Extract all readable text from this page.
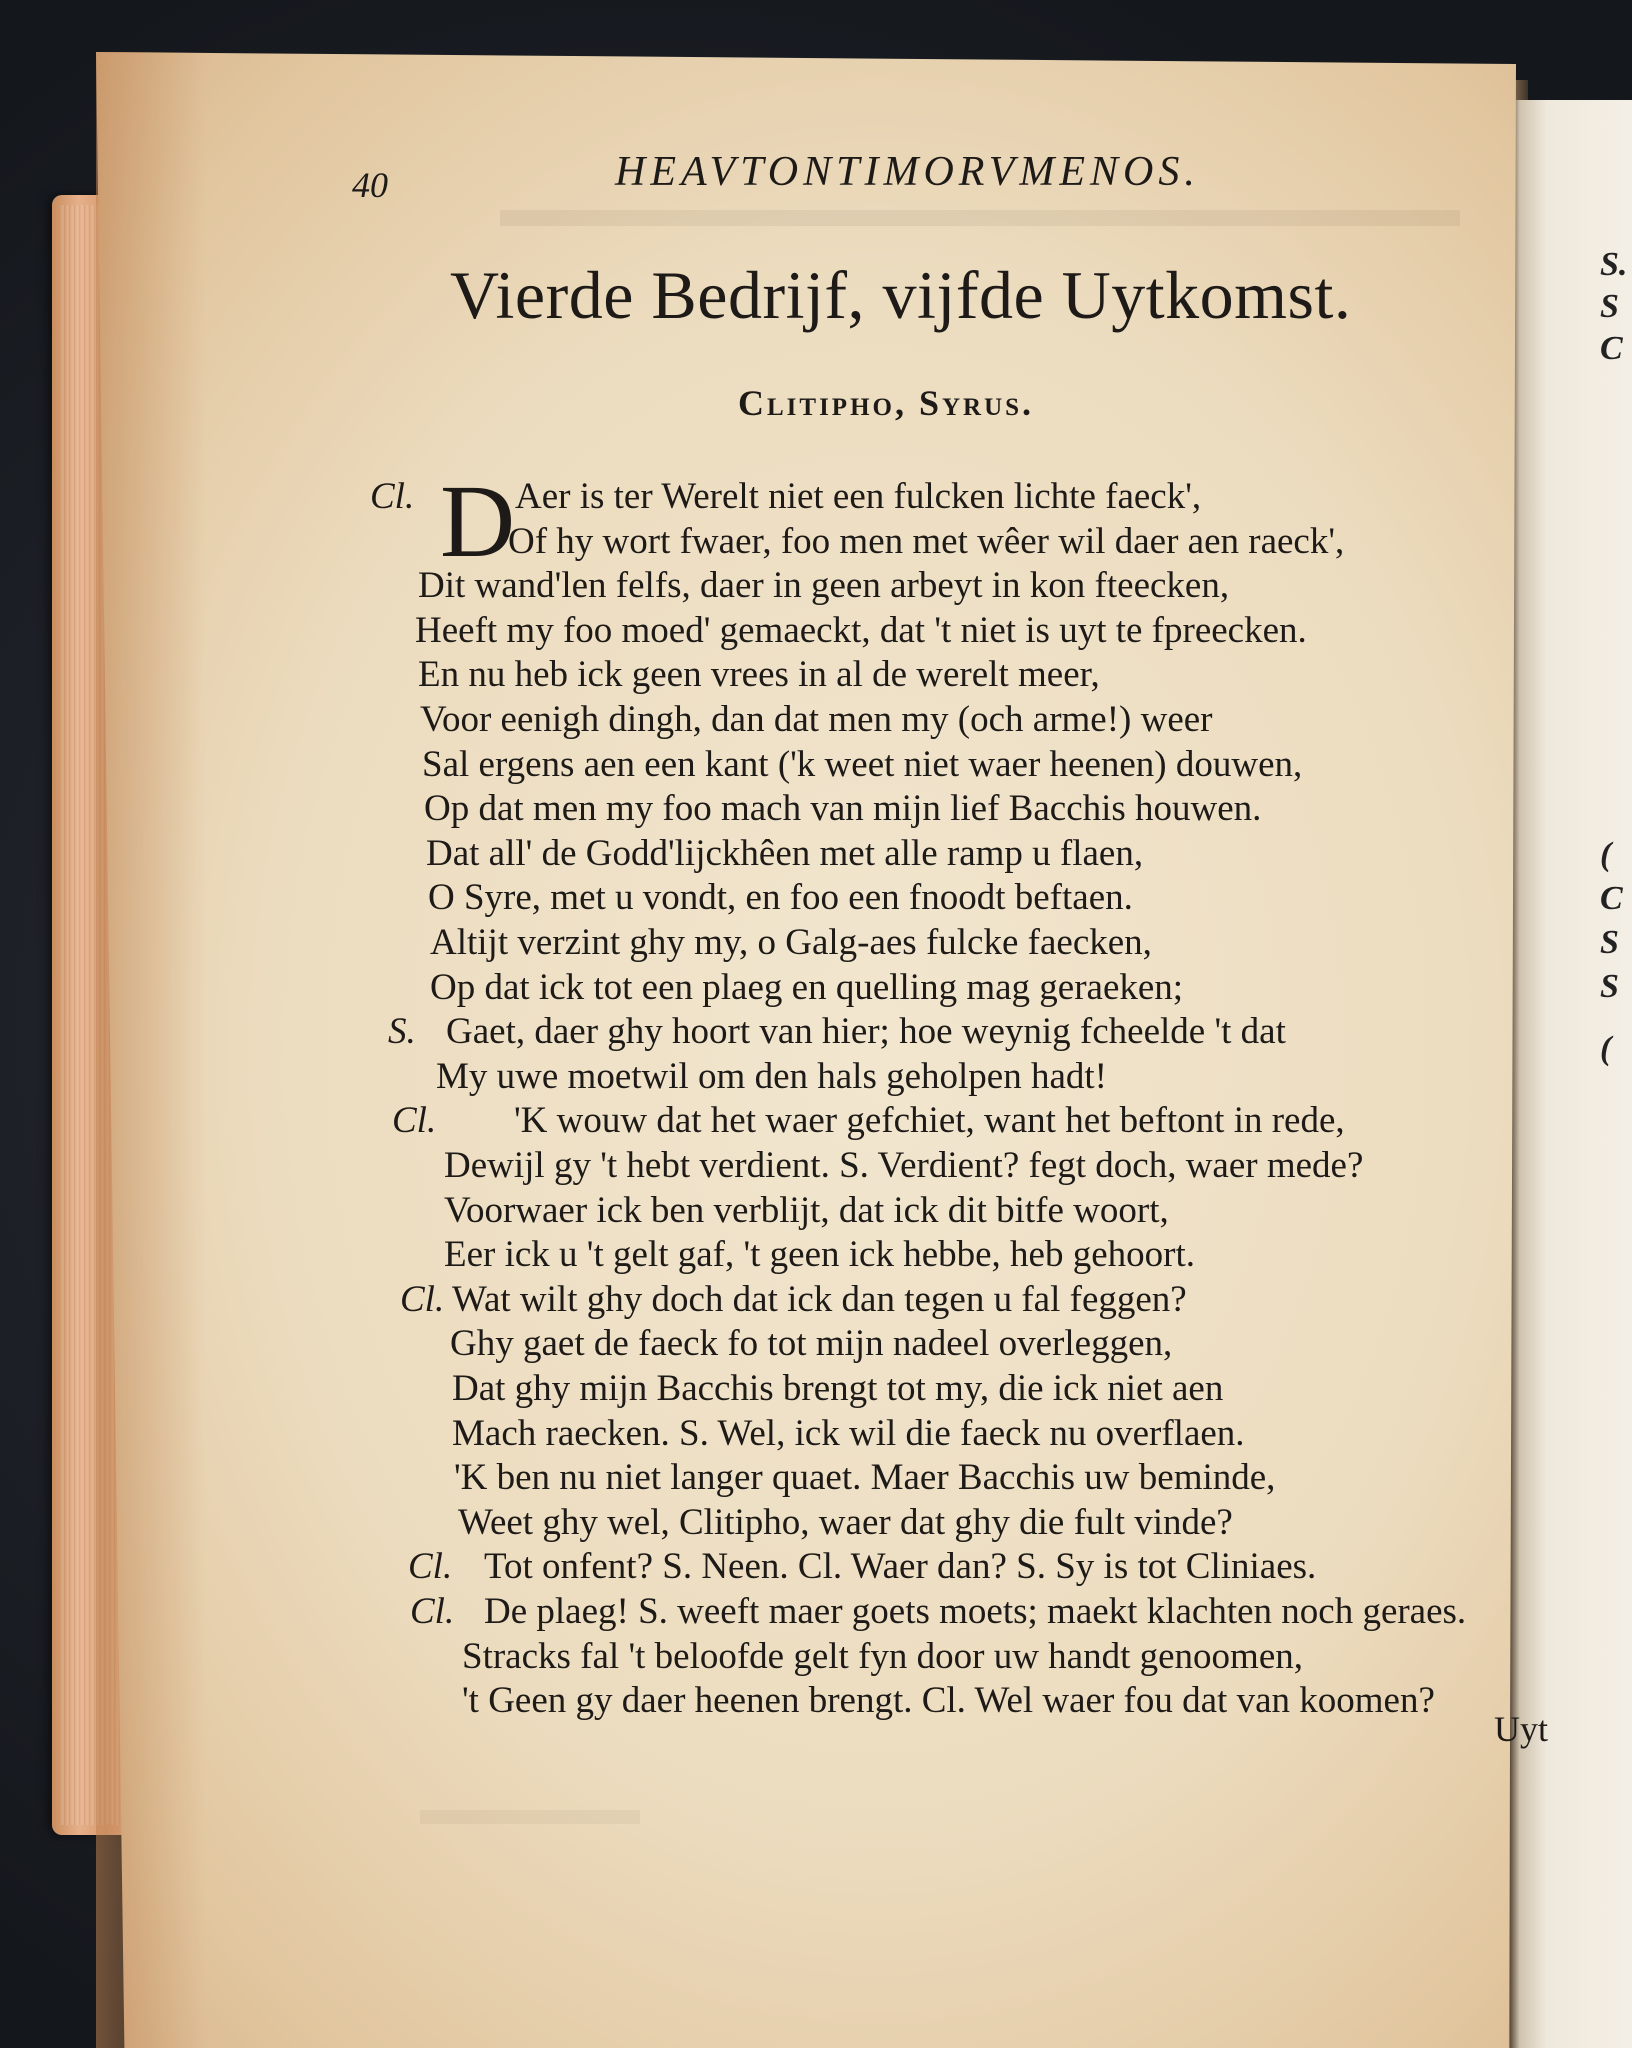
S.
S
C
(
C
S
S
(
40	HEAVTONTIMORVMENOS.
Vierde Bedrijf, vijfde Uytkomst.
Clitipho, Syrus.
D
Cl.	Aer is ter Werelt niet een fulcken lichte faeck',
Of hy wort fwaer, foo men met wêer wil daer aen raeck',
Dit wand'len felfs, daer in geen arbeyt in kon fteecken,
Heeft my foo moed' gemaeckt, dat 't niet is uyt te fpreecken.
En nu heb ick geen vrees in al de werelt meer,
Voor eenigh dingh, dan dat men my (och arme!) weer
Sal ergens aen een kant ('k weet niet waer heenen) douwen,
Op dat men my foo mach van mijn lief Bacchis houwen.
Dat all' de Godd'lijckhêen met alle ramp u flaen,
O Syre, met u vondt, en foo een fnoodt beftaen.
Altijt verzint ghy my, o Galg-aes fulcke faecken,
Op dat ick tot een plaeg en quelling mag geraeken;
S. Gaet, daer ghy hoort van hier; hoe weynig fcheelde 't dat
My uwe moetwil om den hals geholpen hadt!
Cl. 'K wouw dat het waer gefchiet, want het beftont in rede,
Dewijl gy 't hebt verdient. S. Verdient? fegt doch, waer mede?
Voorwaer ick ben verblijt, dat ick dit bitfe woort,
Eer ick u 't gelt gaf, 't geen ick hebbe, heb gehoort.
Cl. Wat wilt ghy doch dat ick dan tegen u fal feggen?
Ghy gaet de faeck fo tot mijn nadeel overleggen,
Dat ghy mijn Bacchis brengt tot my, die ick niet aen
Mach raecken. S. Wel, ick wil die faeck nu overflaen.
'K ben nu niet langer quaet. Maer Bacchis uw beminde,
Weet ghy wel, Clitipho, waer dat ghy die fult vinde?
Cl. Tot onfent? S. Neen. Cl. Waer dan? S. Sy is tot Cliniaes.
Cl. De plaeg! S. weeft maer goets moets; maekt klachten noch geraes.
Stracks fal 't beloofde gelt fyn door uw handt genoomen,
't Geen gy daer heenen brengt. Cl. Wel waer fou dat van koomen?
Uyt
